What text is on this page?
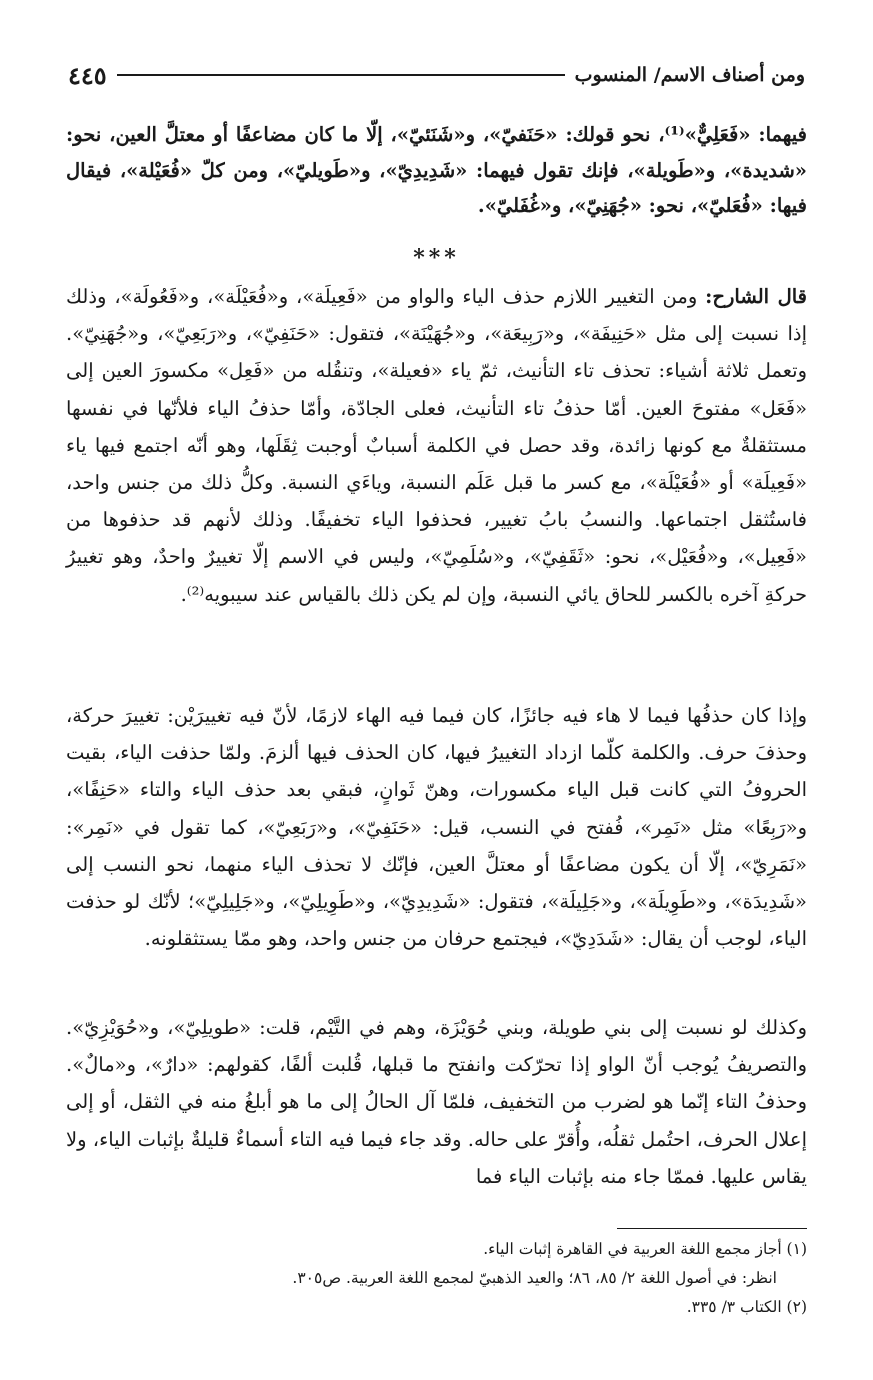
ومن أصناف الاسم/ المنسوب
٤٤٥

فيهما: «فَعَلِيٌّ»⁽¹⁾، نحو قولك: «حَنَفيّ»، و«شَنَئيّ»، إلّا ما كان مضاعفًا أو معتلَّ العين، نحو: «شديدة»، و«طَويلة»، فإنك تقول فيهما: «شَدِيدِيّ»، و«طَويليّ»، ومن كلّ «فُعَيْلة»، فيقال فيها: «فُعَليّ»، نحو: «جُهَنِيّ»، و«غُفَليّ».

***

قال الشارح: ومن التغيير اللازم حذف الياء والواو من «فَعِيلَة»، و«فُعَيْلَة»، و«فَعُولَة»، وذلك إذا نسبت إلى مثل «حَنِيفَة»، و«رَبِيعَة»، و«جُهَيْنَة»، فتقول: «حَنَفِيّ»، و«رَبَعِيّ»، و«جُهَنِيّ». وتعمل ثلاثة أشياء: تحذف تاء التأنيث، ثمّ ياء «فعيلة»، وتنقُله من «فَعِل» مكسورَ العين إلى «فَعَل» مفتوحَ العين. أمّا حذفُ تاء التأنيث، فعلى الجادّة، وأمّا حذفُ الياء فلأنّها في نفسها مستثقلةٌ مع كونها زائدة، وقد حصل في الكلمة أسبابٌ أوجبت ثِقَلَها، وهو أنّه اجتمع فيها ياء «فَعِيلَة» أو «فُعَيْلَة»، مع كسر ما قبل عَلَم النسبة، وياءَي النسبة. وكلُّ ذلك من جنس واحد، فاستُثقل اجتماعها. والنسبُ بابُ تغيير، فحذفوا الياء تخفيفًا. وذلك لأنهم قد حذفوها من «فَعِيل»، و«فُعَيْل»، نحو: «ثَقَفِيّ»، و«سُلَمِيّ»، وليس في الاسم إلّا تغييرٌ واحدٌ، وهو تغييرُ حركةِ آخره بالكسر للحاق يائي النسبة، وإن لم يكن ذلك بالقياس عند سيبويه⁽²⁾.

وإذا كان حذفُها فيما لا هاء فيه جائزًا، كان فيما فيه الهاء لازمًا، لأنّ فيه تغييرَيْن: تغييرَ حركة، وحذفَ حرف. والكلمة كلّما ازداد التغييرُ فيها، كان الحذف فيها ألزمَ. ولمّا حذفت الياء، بقيت الحروفُ التي كانت قبل الياء مكسورات، وهنّ ثَوانٍ، فبقي بعد حذف الياء والتاء «حَنِفًا»، و«رَبِعًا» مثل «نَمِر»، فُفتح في النسب، قيل: «حَنَفِيّ»، و«رَبَعِيّ»، كما تقول في «نَمِر»: «نَمَرِيّ»، إلّا أن يكون مضاعفًا أو معتلَّ العين، فإنّك لا تحذف الياء منهما، نحو النسب إلى «شَدِيدَة»، و«طَوِيلَة»، و«جَلِيلَة»، فتقول: «شَدِيدِيّ»، و«طَوِيلِيّ»، و«جَلِيلِيّ»؛ لأنّك لو حذفت الياء، لوجب أن يقال: «شَدَدِيّ»، فيجتمع حرفان من جنس واحد، وهو ممّا يستثقلونه.

وكذلك لو نسبت إلى بني طويلة، وبني حُوَيْزَة، وهم في التَّيْم، قلت: «طويلِيّ»، و«حُوَيْزِيّ». والتصريفُ يُوجب أنّ الواو إذا تحرّكت وانفتح ما قبلها، قُلبت ألفًا، كقولهم: «دارٌ»، و«مالٌ». وحذفُ التاء إنّما هو لضرب من التخفيف، فلمّا آل الحالُ إلى ما هو أبلغُ منه في الثقل، أو إلى إعلال الحرف، احتُمل ثقلُه، وأُقرّ على حاله. وقد جاء فيما فيه التاء أسماءٌ قليلةٌ بإثبات الياء، ولا يقاس عليها. فممّا جاء منه بإثبات الياء فما

(١) أجاز مجمع اللغة العربية في القاهرة إثبات الياء.
انظر: في أصول اللغة ٢/ ٨٥، ٨٦؛ والعيد الذهبيّ لمجمع اللغة العربية. ص٣٠٥.
(٢) الكتاب ٣/ ٣٣٥.
